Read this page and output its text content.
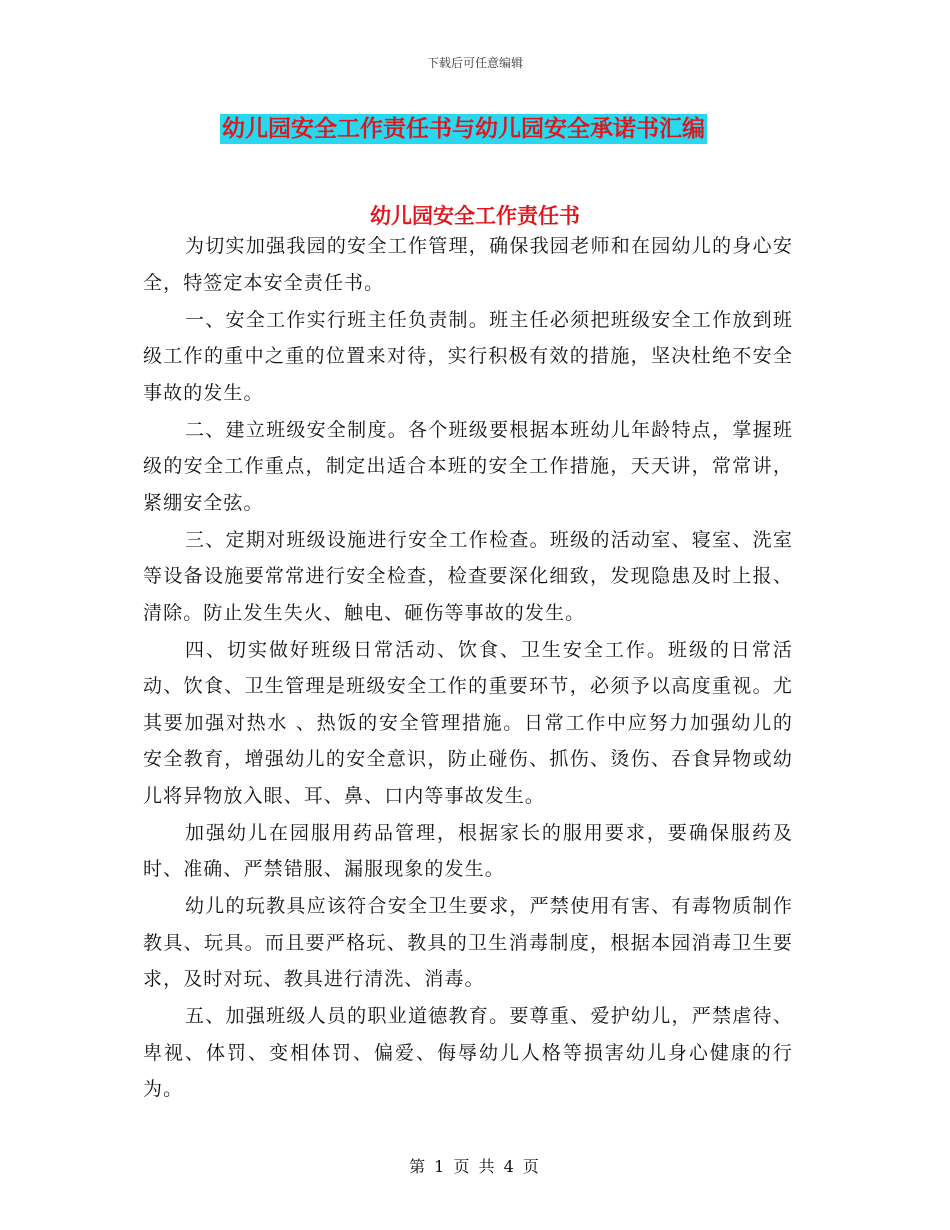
下载后可任意编辑
幼儿园安全工作责任书与幼儿园安全承诺书汇编
幼儿园安全工作责任书

为切实加强我园的安全工作管理，确保我园老师和在园幼儿的身心安全，特签定本安全责任书。

一、安全工作实行班主任负责制。班主任必须把班级安全工作放到班级工作的重中之重的位置来对待，实行积极有效的措施，坚决杜绝不安全事故的发生。

二、建立班级安全制度。各个班级要根据本班幼儿年龄特点，掌握班级的安全工作重点，制定出适合本班的安全工作措施，天天讲，常常讲，紧绷安全弦。

三、定期对班级设施进行安全工作检查。班级的活动室、寝室、洗室等设备设施要常常进行安全检查，检查要深化细致，发现隐患及时上报、清除。防止发生失火、触电、砸伤等事故的发生。

四、切实做好班级日常活动、饮食、卫生安全工作。班级的日常活动、饮食、卫生管理是班级安全工作的重要环节，必须予以高度重视。尤其要加强对热水 、热饭的安全管理措施。日常工作中应努力加强幼儿的安全教育，增强幼儿的安全意识，防止碰伤、抓伤、烫伤、吞食异物或幼儿将异物放入眼、耳、鼻、口内等事故发生。

加强幼儿在园服用药品管理，根据家长的服用要求，要确保服药及时、准确、严禁错服、漏服现象的发生。

幼儿的玩教具应该符合安全卫生要求，严禁使用有害、有毒物质制作教具、玩具。而且要严格玩、教具的卫生消毒制度，根据本园消毒卫生要求，及时对玩、教具进行清洗、消毒。

五、加强班级人员的职业道德教育。要尊重、爱护幼儿，严禁虐待、卑视、体罚、变相体罚、偏爱、侮辱幼儿人格等损害幼儿身心健康的行为。

第 1 页 共 4 页
